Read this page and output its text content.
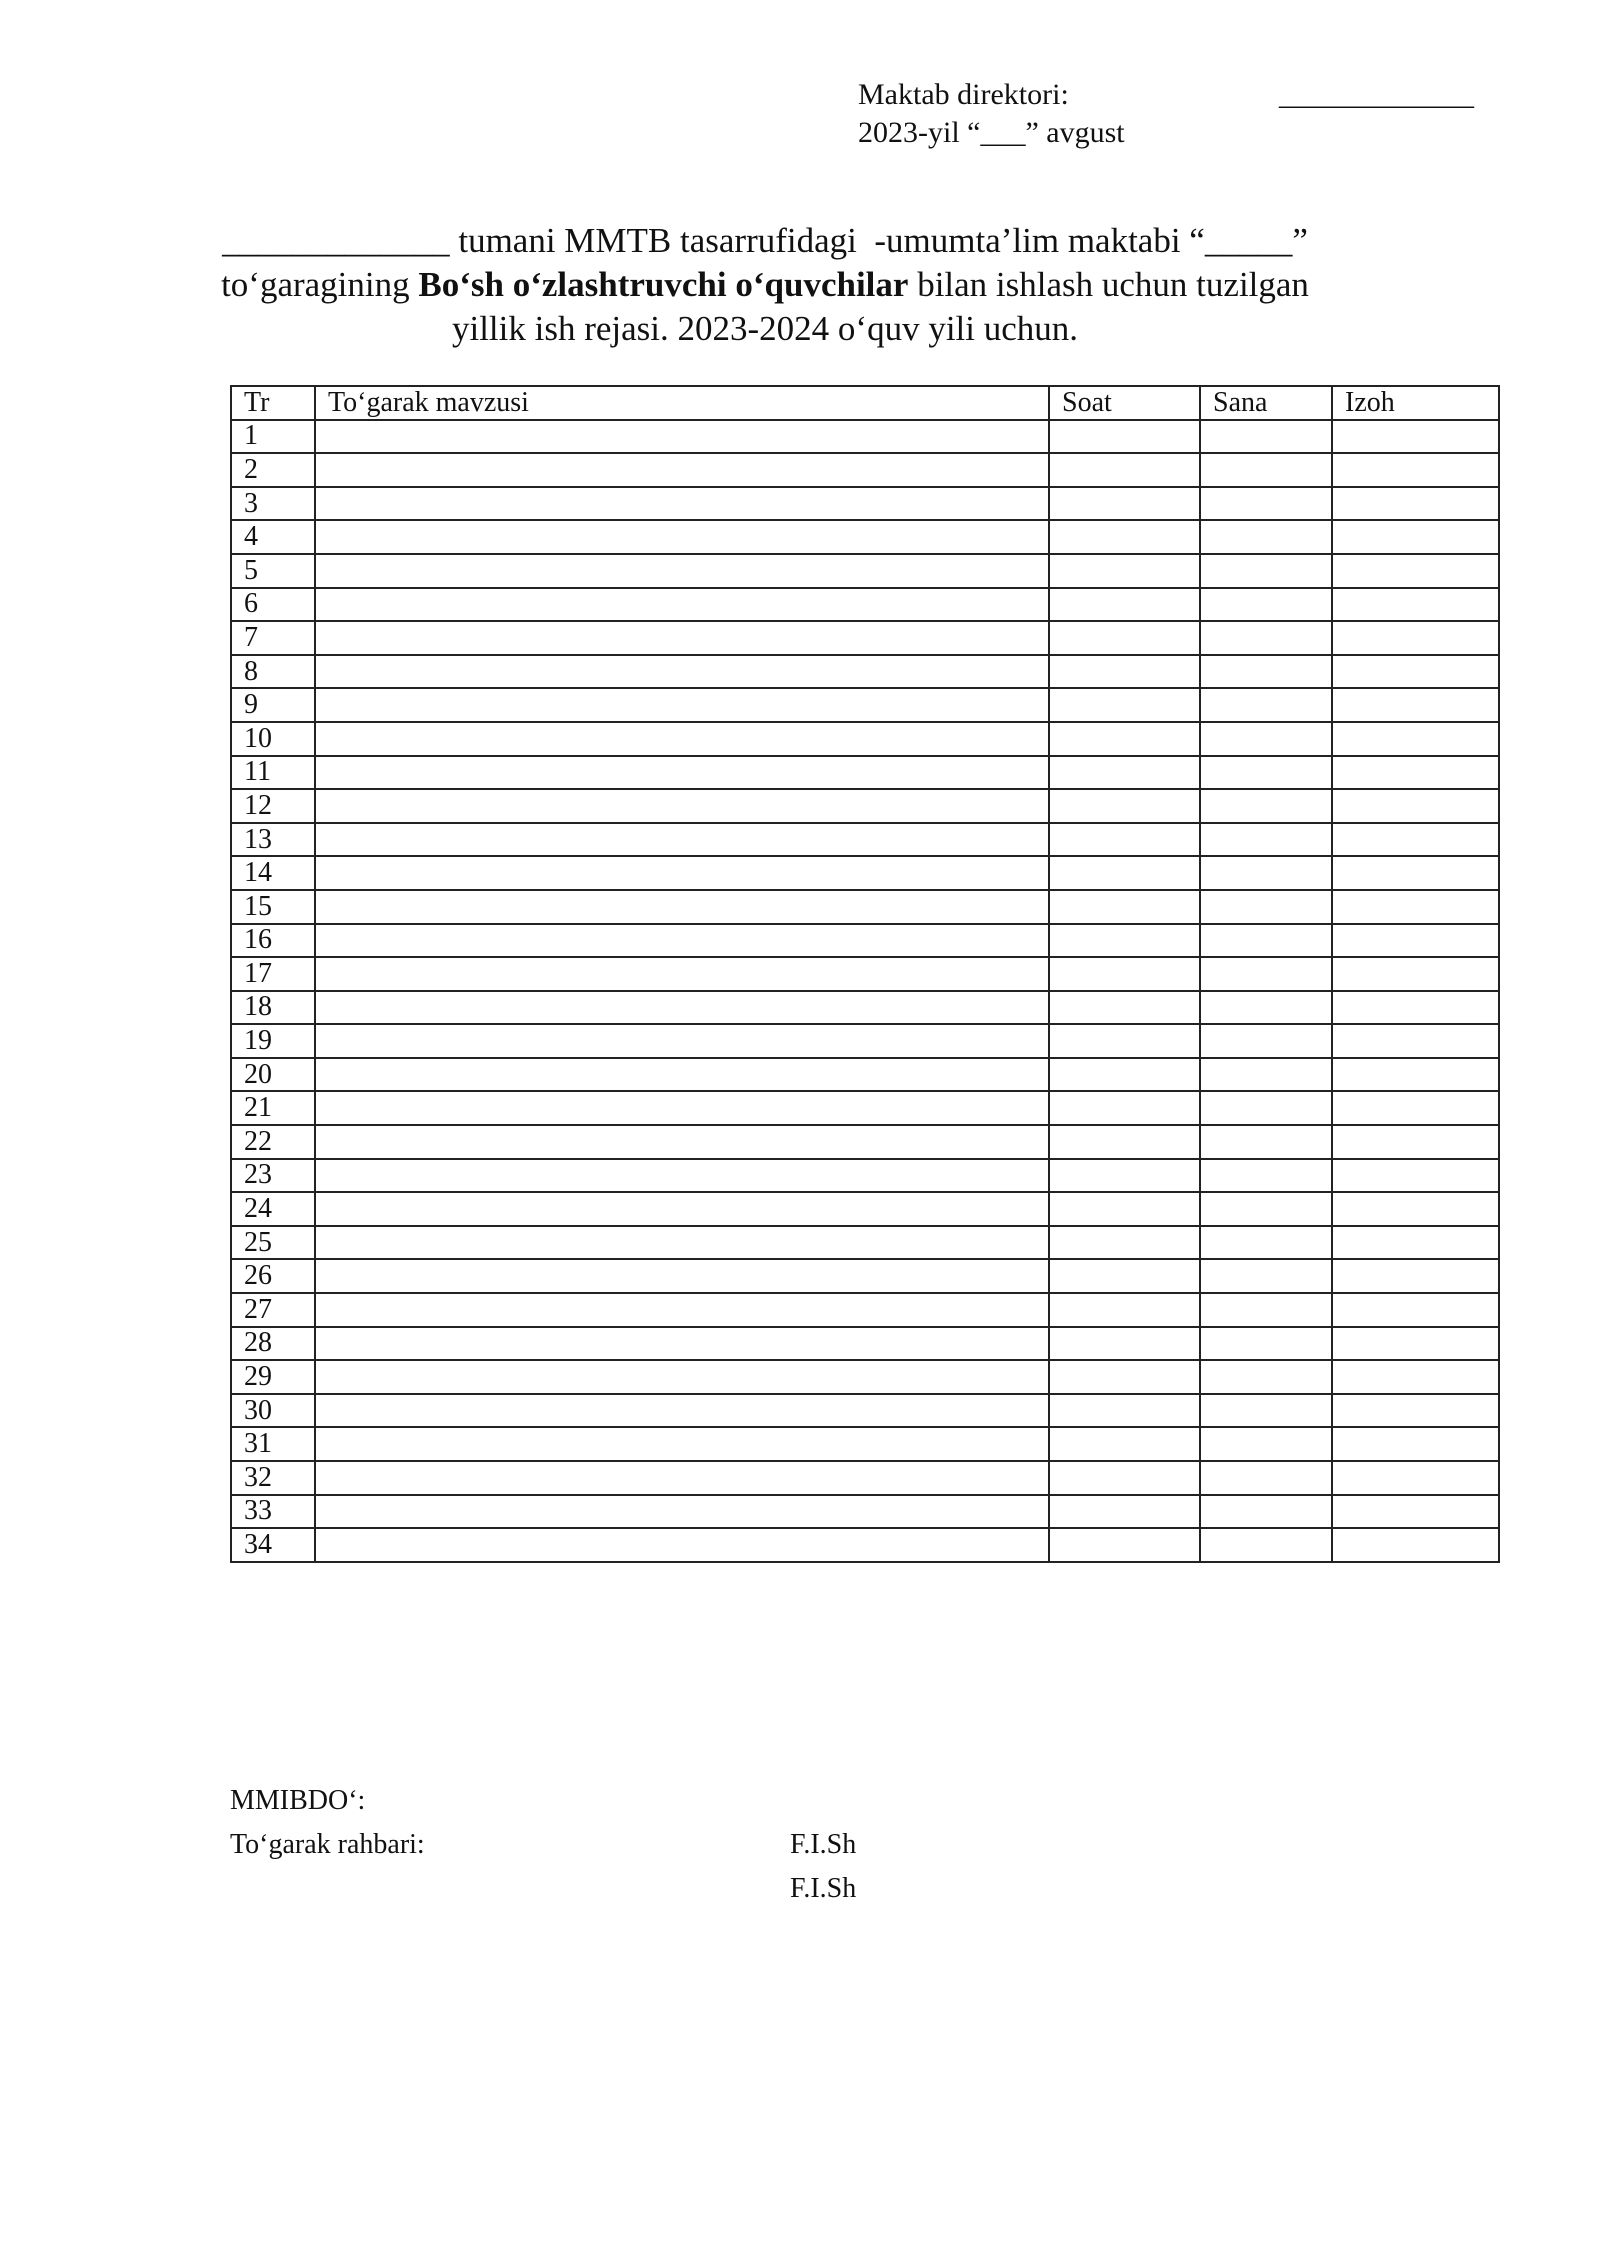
Maktab direktori:
2023-yil “___” avgust
_____________
_____________ tumani MMTB tasarrufidagi  -umumta’lim maktabi “_____”
to‘garagining Bo‘sh o‘zlashtruvchi o‘quvchilar bilan ishlash uchun tuzilgan
yillik ish rejasi. 2023-2024 o‘quv yili uchun.
Tr	To‘garak mavzusi	Soat	Sana	Izoh
1				
2				
3				
4				
5				
6				
7				
8				
9				
10				
11				
12				
13				
14				
15				
16				
17				
18				
19				
20				
21				
22				
23				
24				
25				
26				
27				
28				
29				
30				
31				
32				
33				
34				

MMIBDO‘:

F.I.Sh

To‘garak rahbari:

F.I.Sh
